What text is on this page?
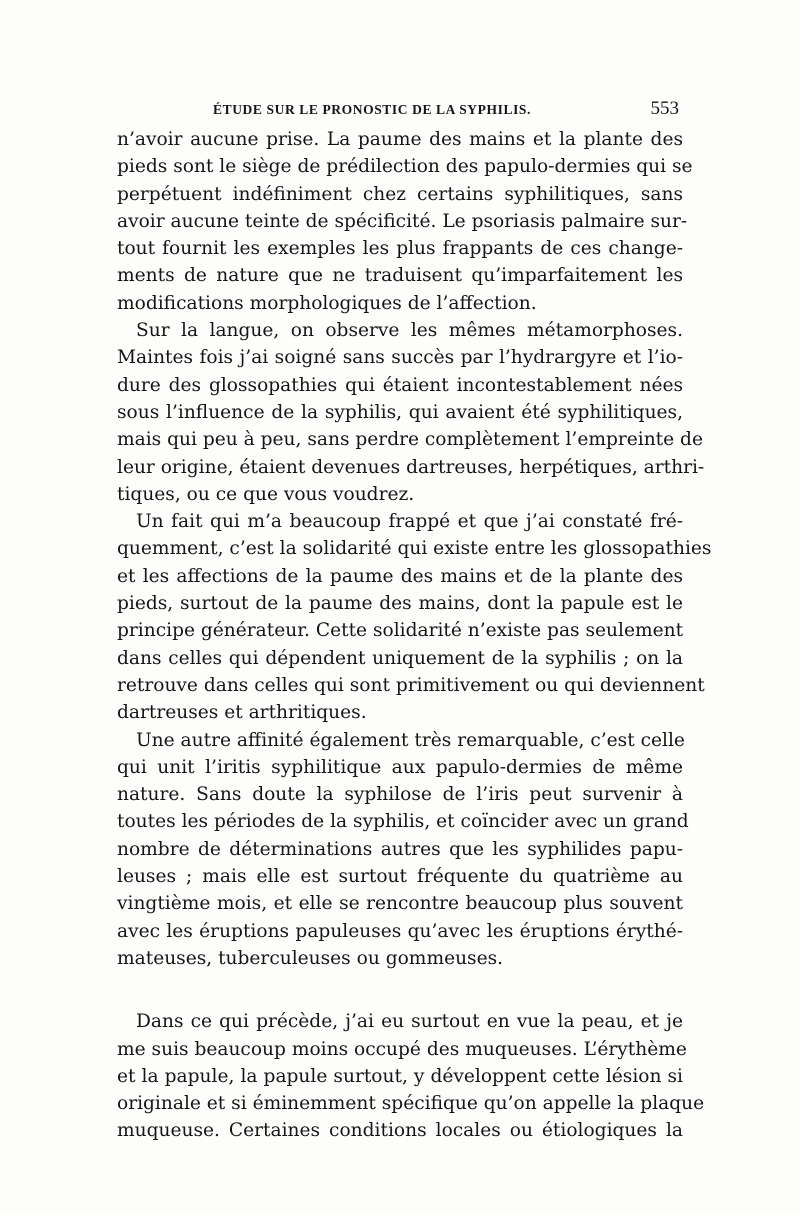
ÉTUDE SUR LE PRONOSTIC DE LA SYPHILIS.	553
n’avoir aucune prise. La paume des mains et la plante des
pieds sont le siège de prédilection des papulo-dermies qui se
perpétuent indéfiniment chez certains syphilitiques, sans
avoir aucune teinte de spécificité. Le psoriasis palmaire sur-
tout fournit les exemples les plus frappants de ces change-
ments de nature que ne traduisent qu’imparfaitement les
modifications morphologiques de l’affection.
Sur la langue, on observe les mêmes métamorphoses.
Maintes fois j’ai soigné sans succès par l’hydrargyre et l’io-
dure des glossopathies qui étaient incontestablement nées
sous l’influence de la syphilis, qui avaient été syphilitiques,
mais qui peu à peu, sans perdre complètement l’empreinte de
leur origine, étaient devenues dartreuses, herpétiques, arthri-
tiques, ou ce que vous voudrez.
Un fait qui m’a beaucoup frappé et que j’ai constaté fré-
quemment, c’est la solidarité qui existe entre les glossopathies
et les affections de la paume des mains et de la plante des
pieds, surtout de la paume des mains, dont la papule est le
principe générateur. Cette solidarité n’existe pas seulement
dans celles qui dépendent uniquement de la syphilis ; on la
retrouve dans celles qui sont primitivement ou qui deviennent
dartreuses et arthritiques.
Une autre affinité également très remarquable, c’est celle
qui unit l’iritis syphilitique aux papulo-dermies de même
nature. Sans doute la syphilose de l’iris peut survenir à
toutes les périodes de la syphilis, et coïncider avec un grand
nombre de déterminations autres que les syphilides papu-
leuses ; mais elle est surtout fréquente du quatrième au
vingtième mois, et elle se rencontre beaucoup plus souvent
avec les éruptions papuleuses qu’avec les éruptions érythé-
mateuses, tuberculeuses ou gommeuses.
Dans ce qui précède, j’ai eu surtout en vue la peau, et je
me suis beaucoup moins occupé des muqueuses. L’érythème
et la papule, la papule surtout, y développent cette lésion si
originale et si éminemment spécifique qu’on appelle la plaque
muqueuse. Certaines conditions locales ou étiologiques la
